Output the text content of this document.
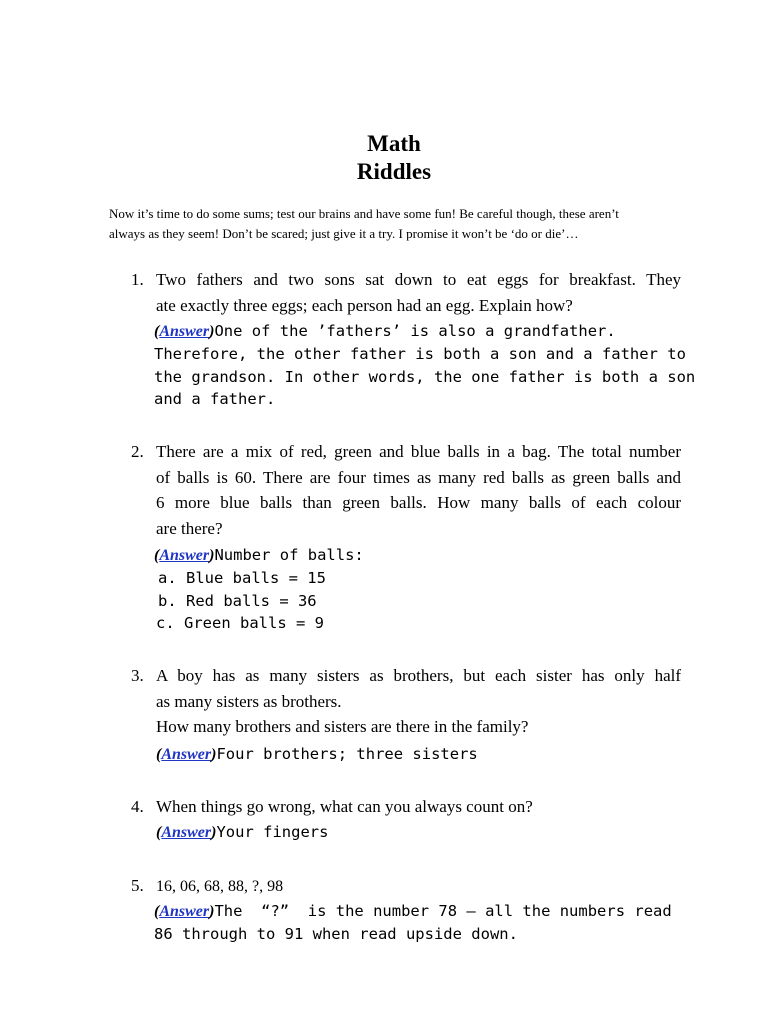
Math
Riddles
Now it’s time to do some sums; test our brains and have some fun! Be careful though, these aren’t
always as they seem! Don’t be scared; just give it a try. I promise it won’t be ‘do or die’…
1. Two fathers and two sons sat down to eat eggs for breakfast. They
ate exactly three eggs; each person had an egg. Explain how?
(Answer)One of the ’fathers’ is also a grandfather.
Therefore, the other father is both a son and a father to
the grandson. In other words, the one father is both a son
and a father.
2. There are a mix of red, green and blue balls in a bag. The total number
of balls is 60. There are four times as many red balls as green balls and
6 more blue balls than green balls. How many balls of each colour
are there?
(Answer)Number of balls:
a. Blue balls = 15
b. Red balls = 36
c. Green balls = 9
3. A boy has as many sisters as brothers, but each sister has only half
as many sisters as brothers.
How many brothers and sisters are there in the family?
(Answer)Four brothers; three sisters
4. When things go wrong, what can you always count on?
(Answer)Your fingers
5. 16, 06, 68, 88, ?, 98
(Answer)The  “?”  is the number 78 – all the numbers read
86 through to 91 when read upside down.
